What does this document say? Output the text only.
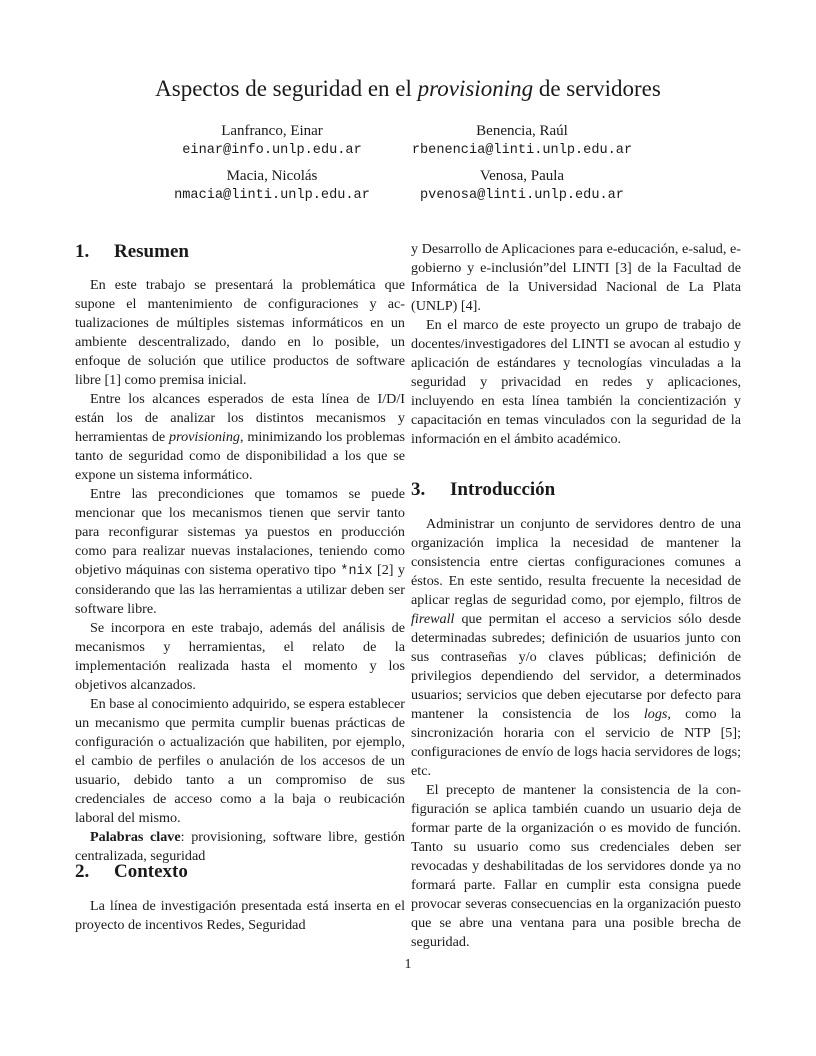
Aspectos de seguridad en el provisioning de servidores
Lanfranco, Einar
einar@info.unlp.edu.ar
Benencia, Raúl
rbenencia@linti.unlp.edu.ar
Macia, Nicolás
nmacia@linti.unlp.edu.ar
Venosa, Paula
pvenosa@linti.unlp.edu.ar
1. Resumen

En este trabajo se presentará la problemática que supone el mantenimiento de configuraciones y actualizaciones de múltiples sistemas informáticos en un ambiente descentralizado, dando en lo posible, un enfoque de solución que utilice productos de software libre [1] como premisa inicial.

Entre los alcances esperados de esta línea de I/D/I están los de analizar los distintos mecanismos y herramientas de provisioning, minimizando los problemas tanto de seguridad como de disponibilidad a los que se expone un sistema informático.

Entre las precondiciones que tomamos se puede mencionar que los mecanismos tienen que servir tanto para reconfigurar sistemas ya puestos en producción como para realizar nuevas instalaciones, teniendo como objetivo máquinas con sistema operativo tipo *nix [2] y considerando que las las herramientas a utilizar deben ser software libre.

Se incorpora en este trabajo, además del análisis de mecanismos y herramientas, el relato de la implementación realizada hasta el momento y los objetivos alcanzados.

En base al conocimiento adquirido, se espera establecer un mecanismo que permita cumplir buenas prácticas de configuración o actualización que habiliten, por ejemplo, el cambio de perfiles o anulación de los accesos de un usuario, debido tanto a un compromiso de sus credenciales de acceso como a la baja o reubicación laboral del mismo.

Palabras clave: provisioning, software libre, gestión centralizada, seguridad

2. Contexto

La línea de investigación presentada está inserta en el proyecto de incentivos Redes, Seguridad

y Desarrollo de Aplicaciones para e-educación, e-salud, e-gobierno y e-inclusión”del LINTI [3] de la Facultad de Informática de la Universidad Nacional de La Plata (UNLP) [4].

En el marco de este proyecto un grupo de trabajo de docentes/investigadores del LINTI se avocan al estudio y aplicación de estándares y tecnologías vinculadas a la seguridad y privacidad en redes y aplicaciones, incluyendo en esta línea también la concientización y capacitación en temas vinculados con la seguridad de la información en el ámbito académico.

3. Introducción

Administrar un conjunto de servidores dentro de una organización implica la necesidad de mantener la consistencia entre ciertas configuraciones comunes a éstos. En este sentido, resulta frecuente la necesidad de aplicar reglas de seguridad como, por ejemplo, filtros de firewall que permitan el acceso a servicios sólo desde determinadas subredes; definición de usuarios junto con sus contraseñas y/o claves públicas; definición de privilegios dependiendo del servidor, a determinados usuarios; servicios que deben ejecutarse por defecto para mantener la consistencia de los logs, como la sincronización horaria con el servicio de NTP [5]; configuraciones de envío de logs hacia servidores de logs; etc.

El precepto de mantener la consistencia de la configuración se aplica también cuando un usuario deja de formar parte de la organización o es movido de función. Tanto su usuario como sus credenciales deben ser revocadas y deshabilitadas de los servidores donde ya no formará parte. Fallar en cumplir esta consigna puede provocar severas consecuencias en la organización puesto que se abre una ventana para una posible brecha de seguridad.

1
